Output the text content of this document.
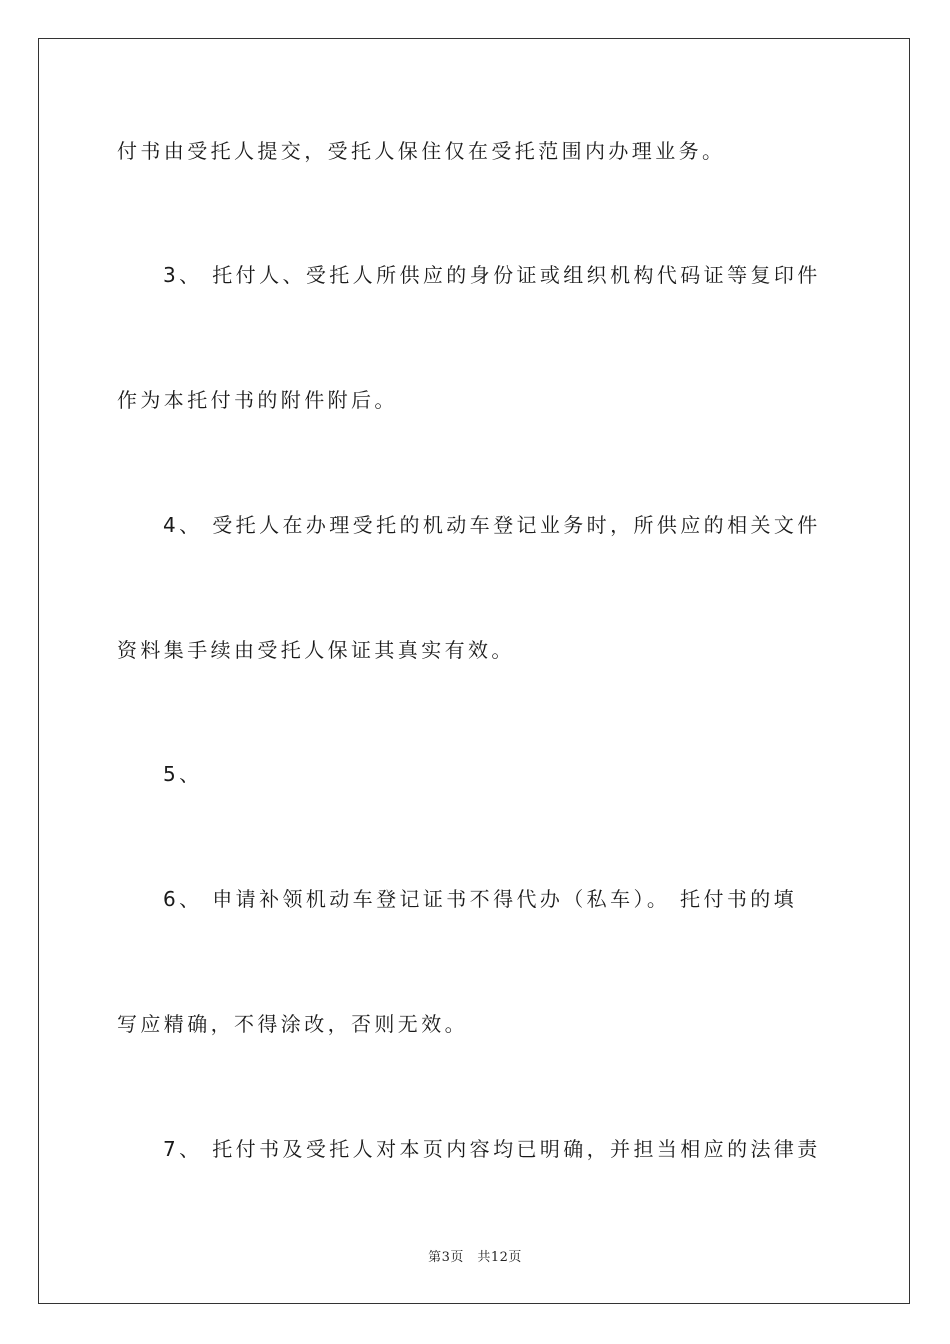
付书由受托人提交，受托人保住仅在受托范围内办理业务。
3、 托付人、受托人所供应的身份证或组织机构代码证等复印件
作为本托付书的附件附后。
4、 受托人在办理受托的机动车登记业务时，所供应的相关文件
资料集手续由受托人保证其真实有效。
5、
6、 申请补领机动车登记证书不得代办（私车）。 托付书的填
写应精确，不得涂改，否则无效。
7、 托付书及受托人对本页内容均已明确，并担当相应的法律责
第3页　共12页
